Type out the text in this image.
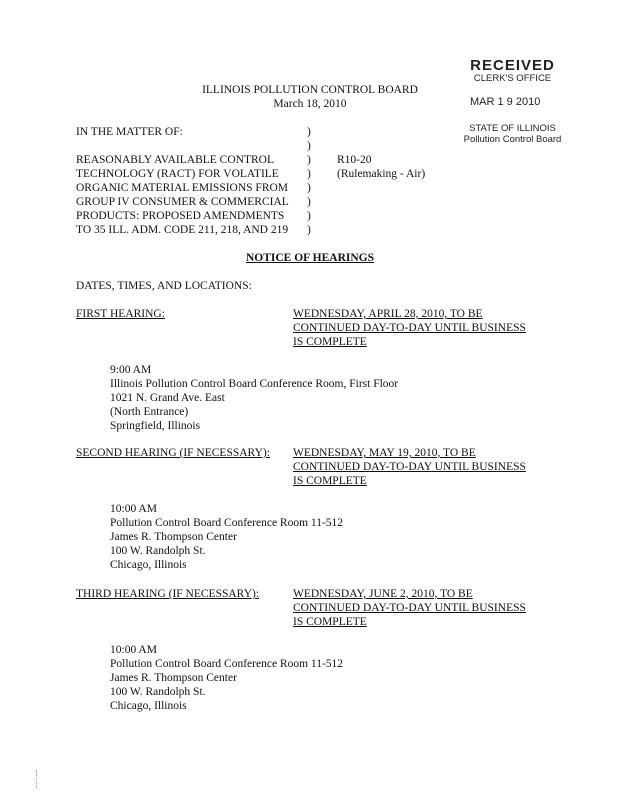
RECEIVED
CLERK'S OFFICE
MAR 1 9 2010
STATE OF ILLINOIS
Pollution Control Board
ILLINOIS POLLUTION CONTROL BOARD
March 18, 2010
IN THE MATTER OF:
REASONABLY AVAILABLE CONTROL
TECHNOLOGY (RACT) FOR VOLATILE
ORGANIC MATERIAL EMISSIONS FROM
GROUP IV CONSUMER & COMMERCIAL
PRODUCTS: PROPOSED AMENDMENTS
TO 35 ILL. ADM. CODE 211, 218, AND 219
)
)
)
)
)
)
)
)
R10-20
(Rulemaking - Air)
NOTICE OF HEARINGS
DATES, TIMES, AND LOCATIONS:
FIRST HEARING:	WEDNESDAY, APRIL 28, 2010, TO BE
CONTINUED DAY-TO-DAY UNTIL BUSINESS
IS COMPLETE
9:00 AM
Illinois Pollution Control Board Conference Room, First Floor
1021 N. Grand Ave. East
(North Entrance)
Springfield, Illinois
SECOND HEARING (IF NECESSARY): WEDNESDAY, MAY 19, 2010, TO BE
CONTINUED DAY-TO-DAY UNTIL BUSINESS
IS COMPLETE
10:00 AM
Pollution Control Board Conference Room 11-512
James R. Thompson Center
100 W. Randolph St.
Chicago, Illinois
THIRD HEARING (IF NECESSARY):	WEDNESDAY, JUNE 2, 2010, TO BE
CONTINUED DAY-TO-DAY UNTIL BUSINESS
IS COMPLETE
10:00 AM
Pollution Control Board Conference Room 11-512
James R. Thompson Center
100 W. Randolph St.
Chicago, Illinois
